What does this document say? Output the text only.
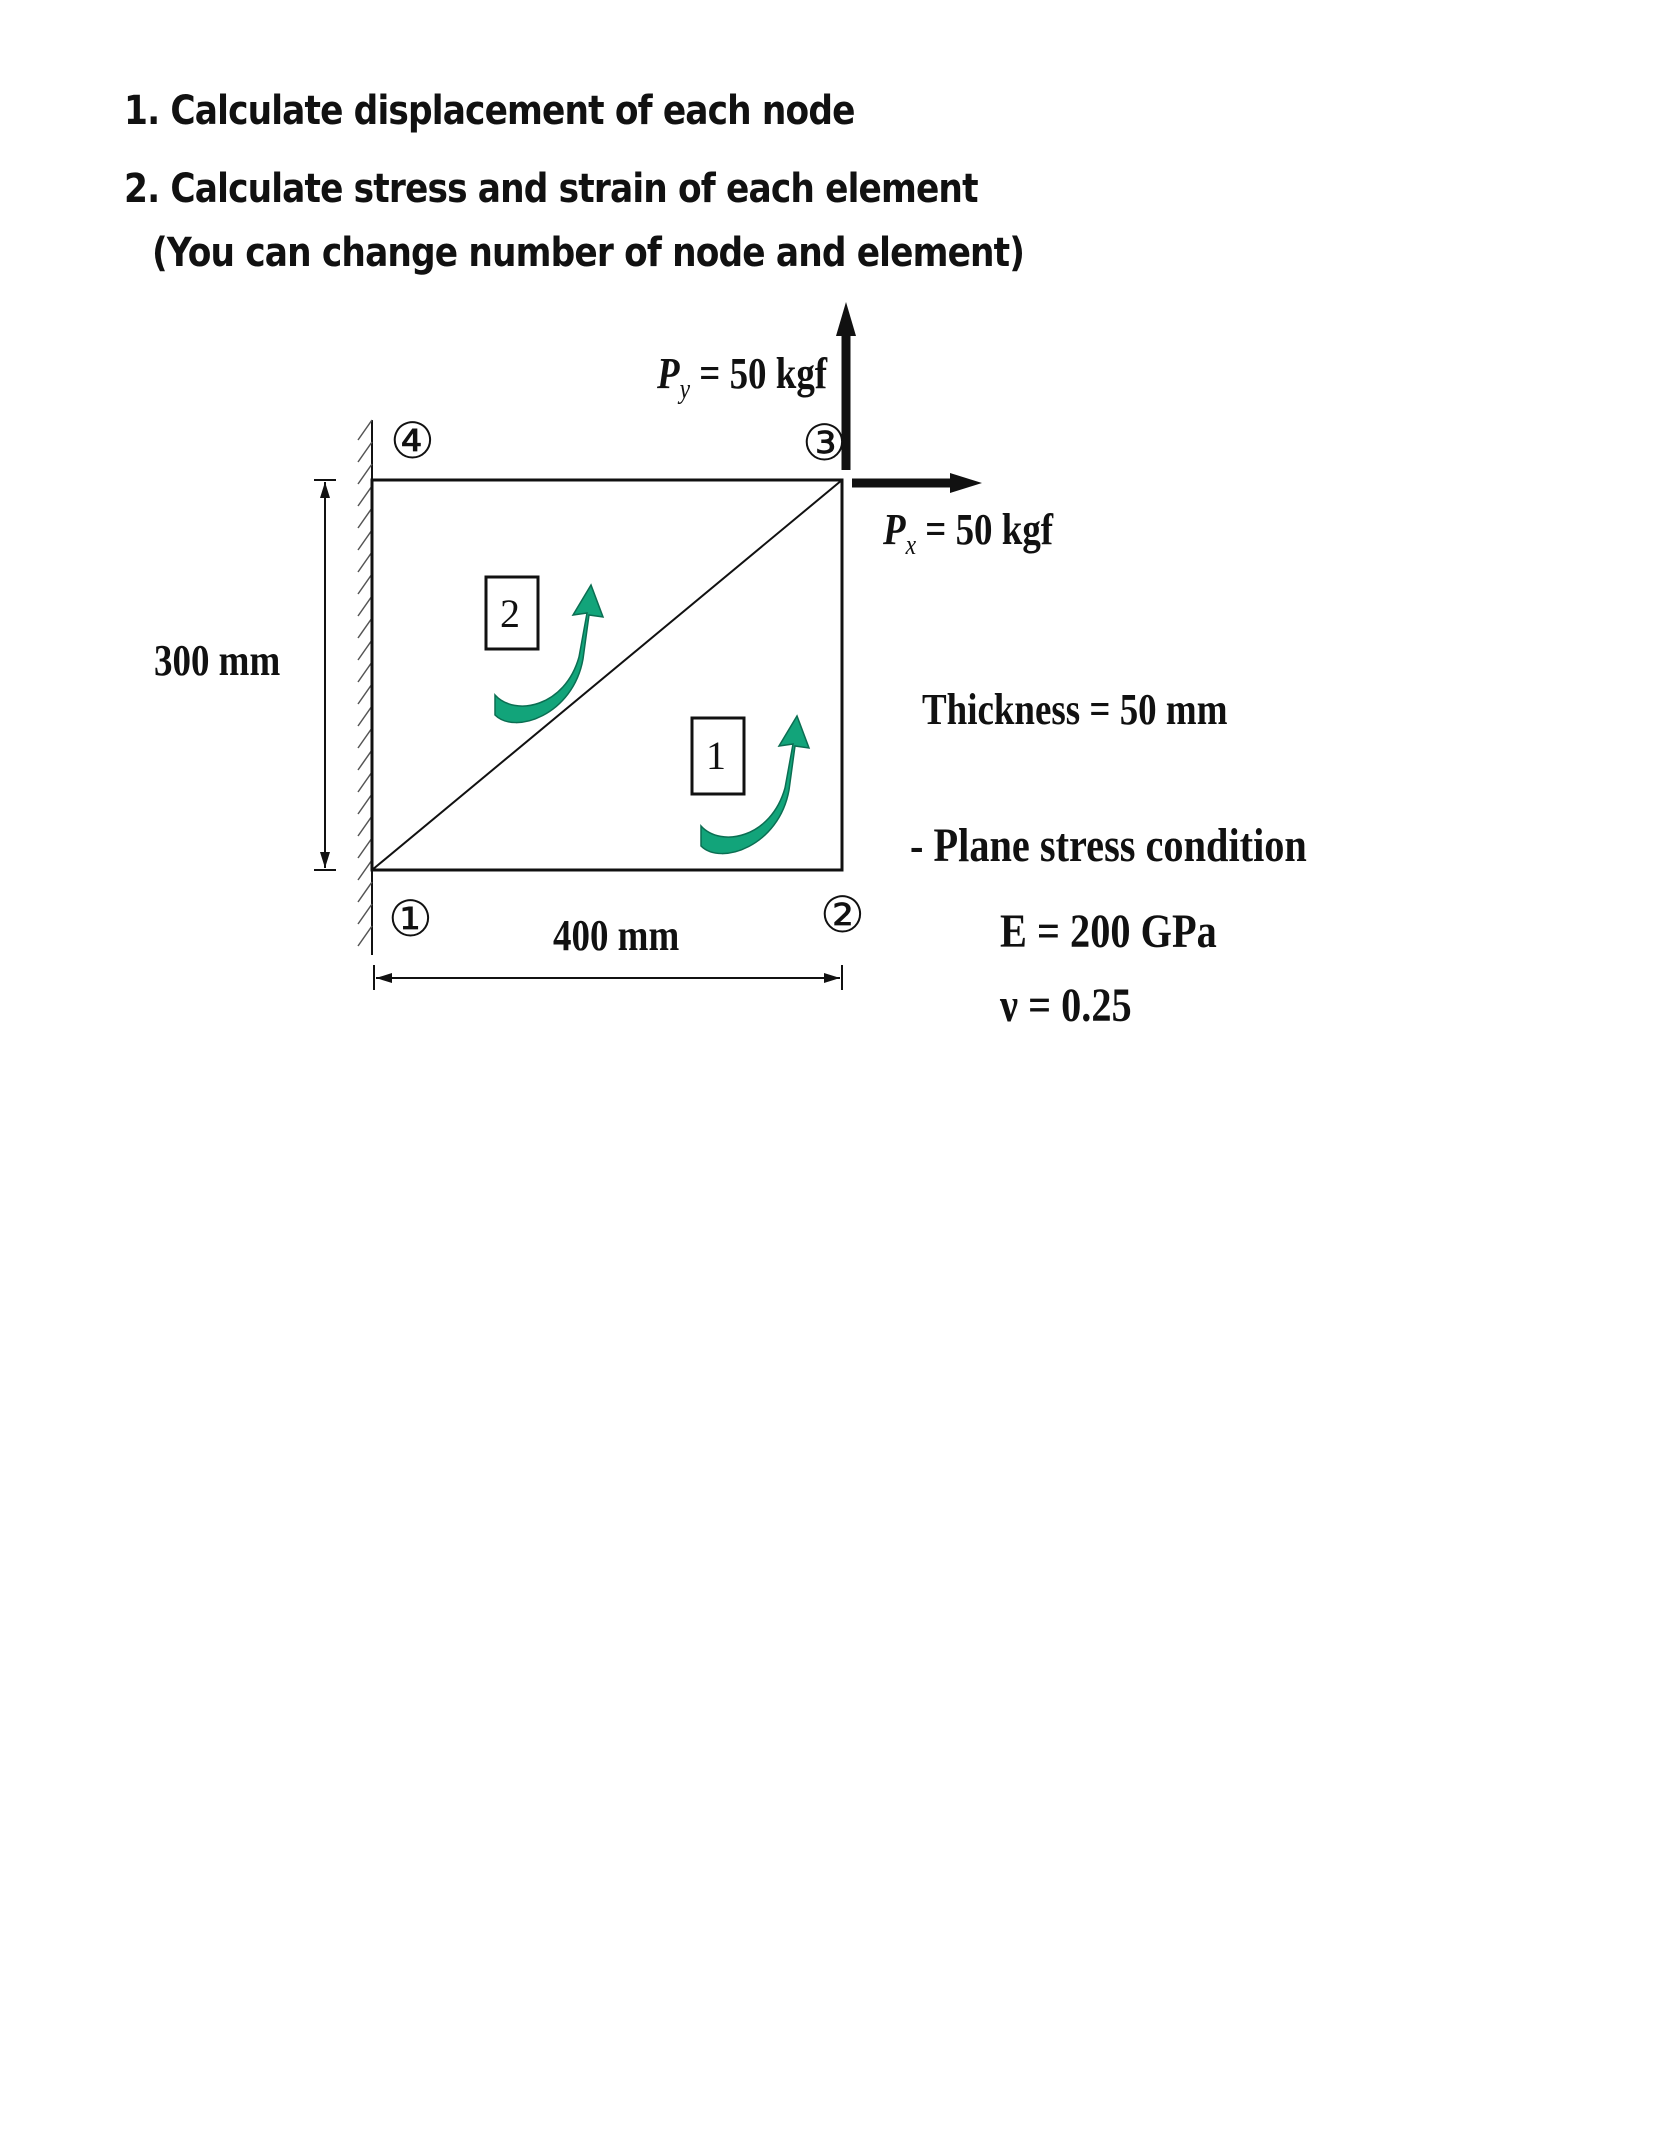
1. Calculate displacement of each node
2. Calculate stress and strain of each element
(You can change number of node and element)
④	③
①	②
2
1
$P_y = 50$ kgf
$P_x = 50$ kgf
300 mm
400 mm
Thickness = 50 mm
- Plane stress condition
E = 200 GPa
ν = 0.25
